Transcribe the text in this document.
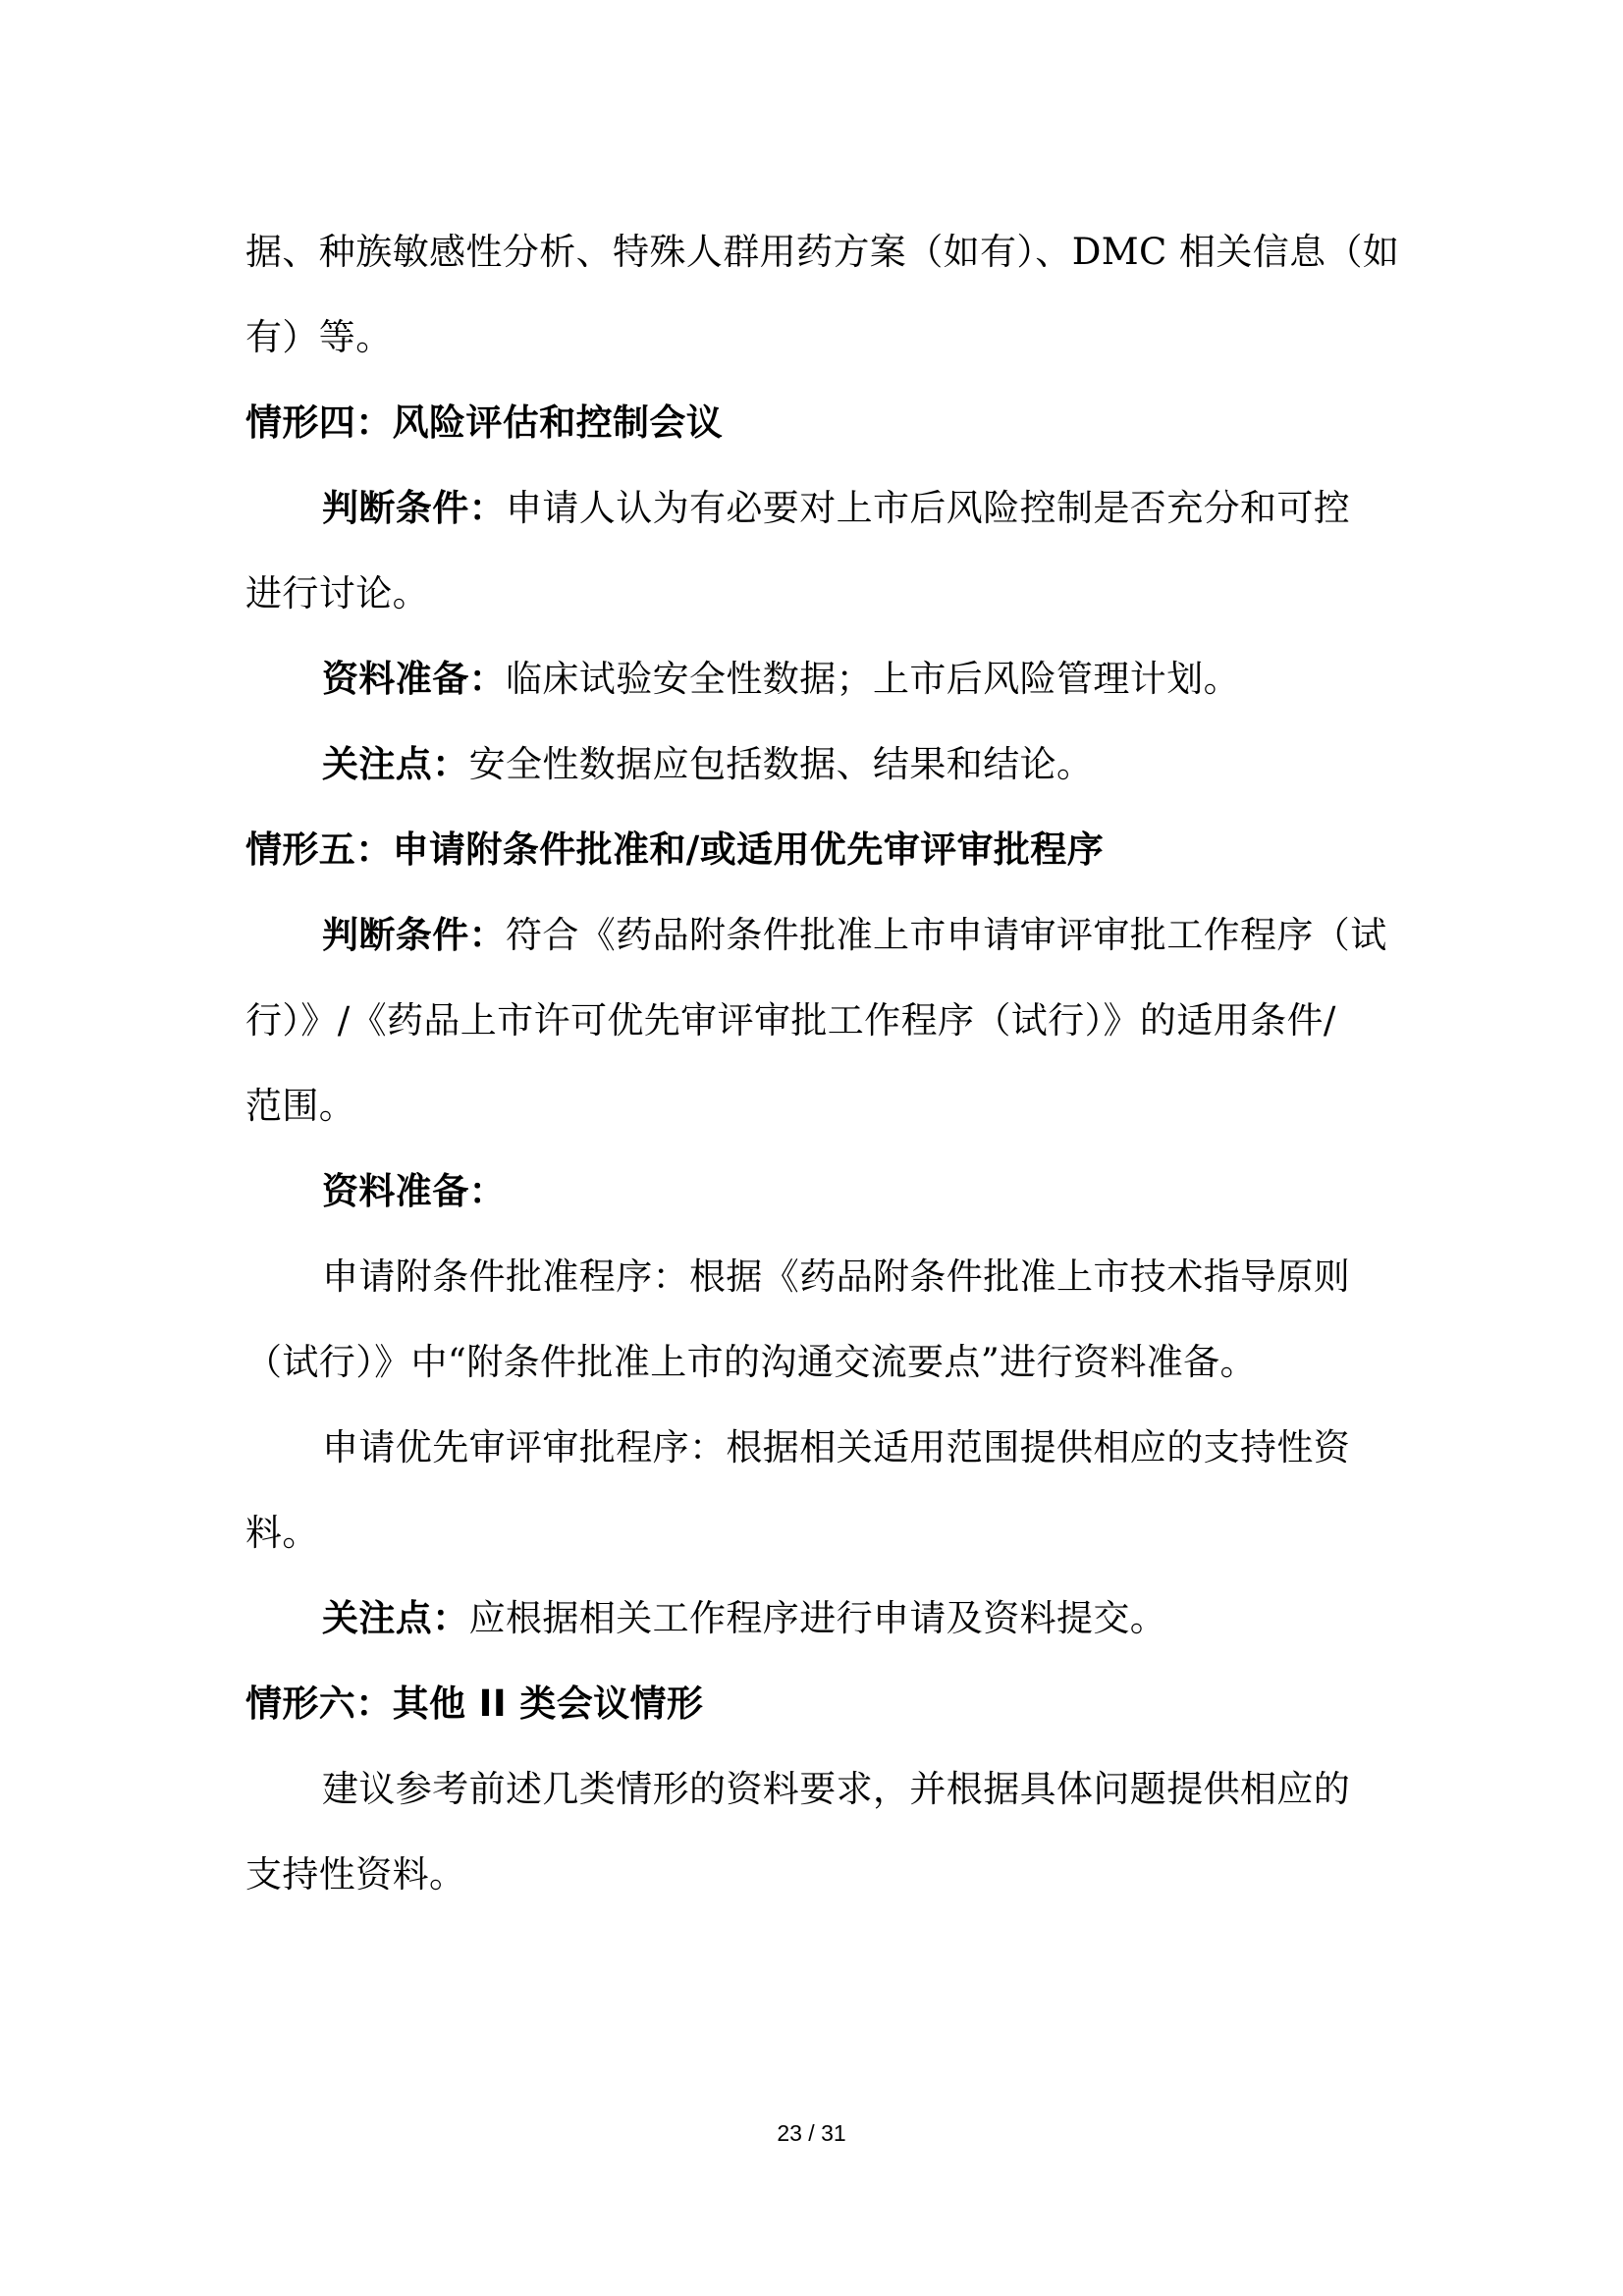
据、种族敏感性分析、特殊人群用药方案（如有）、DMC 相关信息（如
有）等。
情形四：风险评估和控制会议
判断条件：申请人认为有必要对上市后风险控制是否充分和可控
进行讨论。
资料准备：临床试验安全性数据；上市后风险管理计划。
关注点：安全性数据应包括数据、结果和结论。
情形五：申请附条件批准和/或适用优先审评审批程序
判断条件：符合《药品附条件批准上市申请审评审批工作程序（试
行）》/《药品上市许可优先审评审批工作程序（试行）》的适用条件/
范围。
资料准备：
申请附条件批准程序：根据《药品附条件批准上市技术指导原则
（试行）》中“附条件批准上市的沟通交流要点”进行资料准备。
申请优先审评审批程序：根据相关适用范围提供相应的支持性资
料。
关注点：应根据相关工作程序进行申请及资料提交。
情形六：其他 II 类会议情形
建议参考前述几类情形的资料要求，并根据具体问题提供相应的
支持性资料。
23 / 31
